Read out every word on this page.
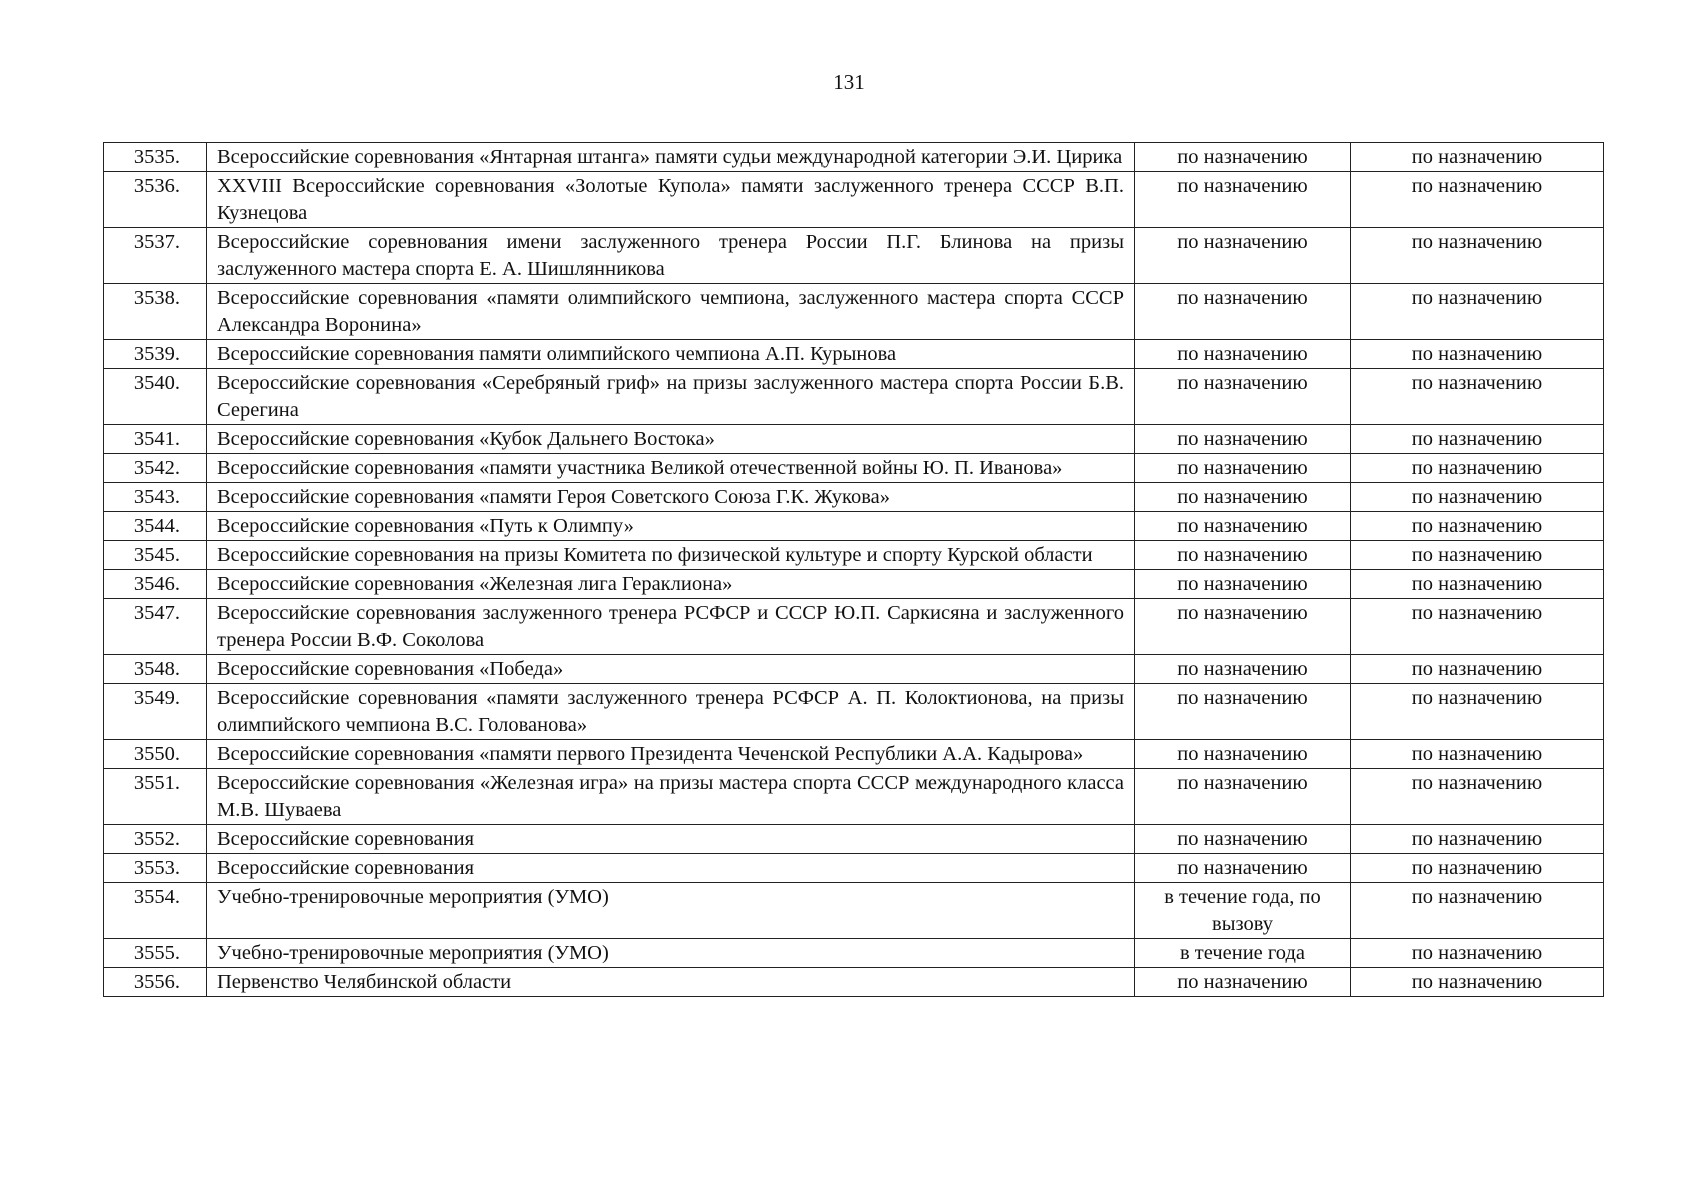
131
3535.	Всероссийские соревнования «Янтарная штанга» памяти судьи международной категории Э.И. Цирика	по назначению	по назначению
3536.	XXVIII Всероссийские соревнования «Золотые Купола» памяти заслуженного тренера СССР В.П. Кузнецова	по назначению	по назначению
3537.	Всероссийские соревнования имени заслуженного тренера России П.Г. Блинова на призы заслуженного мастера спорта Е. А. Шишлянникова	по назначению	по назначению
3538.	Всероссийские соревнования «памяти олимпийского чемпиона, заслуженного мастера спорта СССР Александра Воронина»	по назначению	по назначению
3539.	Всероссийские соревнования памяти олимпийского чемпиона А.П. Курынова	по назначению	по назначению
3540.	Всероссийские соревнования «Серебряный гриф» на призы заслуженного мастера спорта России Б.В. Серегина	по назначению	по назначению
3541.	Всероссийские соревнования «Кубок Дальнего Востока»	по назначению	по назначению
3542.	Всероссийские соревнования «памяти участника Великой отечественной войны Ю. П. Иванова»	по назначению	по назначению
3543.	Всероссийские соревнования «памяти Героя Советского Союза Г.К. Жукова»	по назначению	по назначению
3544.	Всероссийские соревнования «Путь к Олимпу»	по назначению	по назначению
3545.	Всероссийские соревнования на призы Комитета по физической культуре и спорту Курской области	по назначению	по назначению
3546.	Всероссийские соревнования «Железная лига Гераклиона»	по назначению	по назначению
3547.	Всероссийские соревнования заслуженного тренера РСФСР и СССР Ю.П. Саркисяна и заслуженного тренера России В.Ф. Соколова	по назначению	по назначению
3548.	Всероссийские соревнования «Победа»	по назначению	по назначению
3549.	Всероссийские соревнования «памяти заслуженного тренера РСФСР А. П. Колоктионова, на призы олимпийского чемпиона В.С. Голованова»	по назначению	по назначению
3550.	Всероссийские соревнования «памяти первого Президента Чеченской Республики А.А. Кадырова»	по назначению	по назначению
3551.	Всероссийские соревнования «Железная игра» на призы мастера спорта СССР международного класса М.В. Шуваева	по назначению	по назначению
3552.	Всероссийские соревнования	по назначению	по назначению
3553.	Всероссийские соревнования	по назначению	по назначению
3554.	Учебно-тренировочные мероприятия (УМО)	в течение года, по вызову	по назначению
3555.	Учебно-тренировочные мероприятия (УМО)	в течение года	по назначению
3556.	Первенство Челябинской области	по назначению	по назначению
